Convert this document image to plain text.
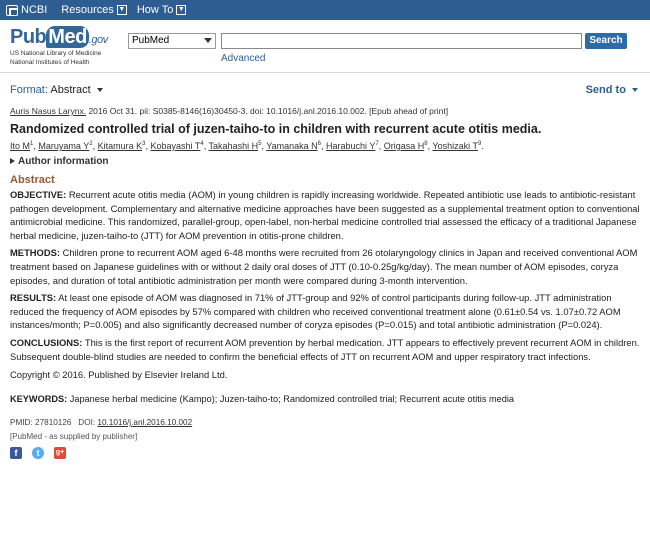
NCBI Resources ▼ How To ▼
Pub Med .gov
US National Library of Medicine
National Institutes of Health
PubMed	Search
Advanced
Format: Abstract	Send to
Auris Nasus Larynx. 2016 Oct 31. pii: S0385-8146(16)30450-3. doi: 10.1016/j.anl.2016.10.002. [Epub ahead of print]
Randomized controlled trial of juzen-taiho-to in children with recurrent acute otitis media.
Ito $M^1$, Maruyama $Y^2$, Kitamura $K^3$, Kobayashi $T^4$, Takahashi $H^5$, Yamanaka $N^6$, Harabuchi $Y^7$, Origasa $H^8$, Yoshizaki $T^9$.
Author information
Abstract

OBJECTIVE: Recurrent acute otitis media (AOM) in young children is rapidly increasing worldwide. Repeated antibiotic use leads to antibiotic-resistant pathogen development. Complementary and alternative medicine approaches have been suggested as a supplemental treatment option to conventional antimicrobial medicine. This randomized, parallel-group, open-label, non-herbal medicine controlled trial assessed the efficacy of a traditional Japanese herbal medicine, juzen-taiho-to (JTT) for AOM prevention in otitis-prone children.

METHODS: Children prone to recurrent AOM aged 6-48 months were recruited from 26 otolaryngology clinics in Japan and received conventional AOM treatment based on Japanese guidelines with or without 2 daily oral doses of JTT (0.10-0.25g/kg/day). The mean number of AOM episodes, coryza episodes, and duration of total antibiotic administration per month were compared during 3-month intervention.

RESULTS: At least one episode of AOM was diagnosed in 71% of JTT-group and 92% of control participants during follow-up. JTT administration reduced the frequency of AOM episodes by 57% compared with children who received conventional treatment alone (0.61±0.54 vs. 1.07±0.72 AOM instances/month; P=0.005) and also significantly decreased number of coryza episodes (P=0.015) and total antibiotic administration (P=0.024).

CONCLUSIONS: This is the first report of recurrent AOM prevention by herbal medication. JTT appears to effectively prevent recurrent AOM in children. Subsequent double-blind studies are needed to confirm the beneficial effects of JTT on recurrent AOM and upper respiratory tract infections.

Copyright © 2016. Published by Elsevier Ireland Ltd.
KEYWORDS: Japanese herbal medicine (Kampo); Juzen-taiho-to; Randomized controlled trial; Recurrent acute otitis media
PMID: 27810126 DOI: 10.1016/j.anl.2016.10.002
[PubMed - as supplied by publisher]
f	t	g+
